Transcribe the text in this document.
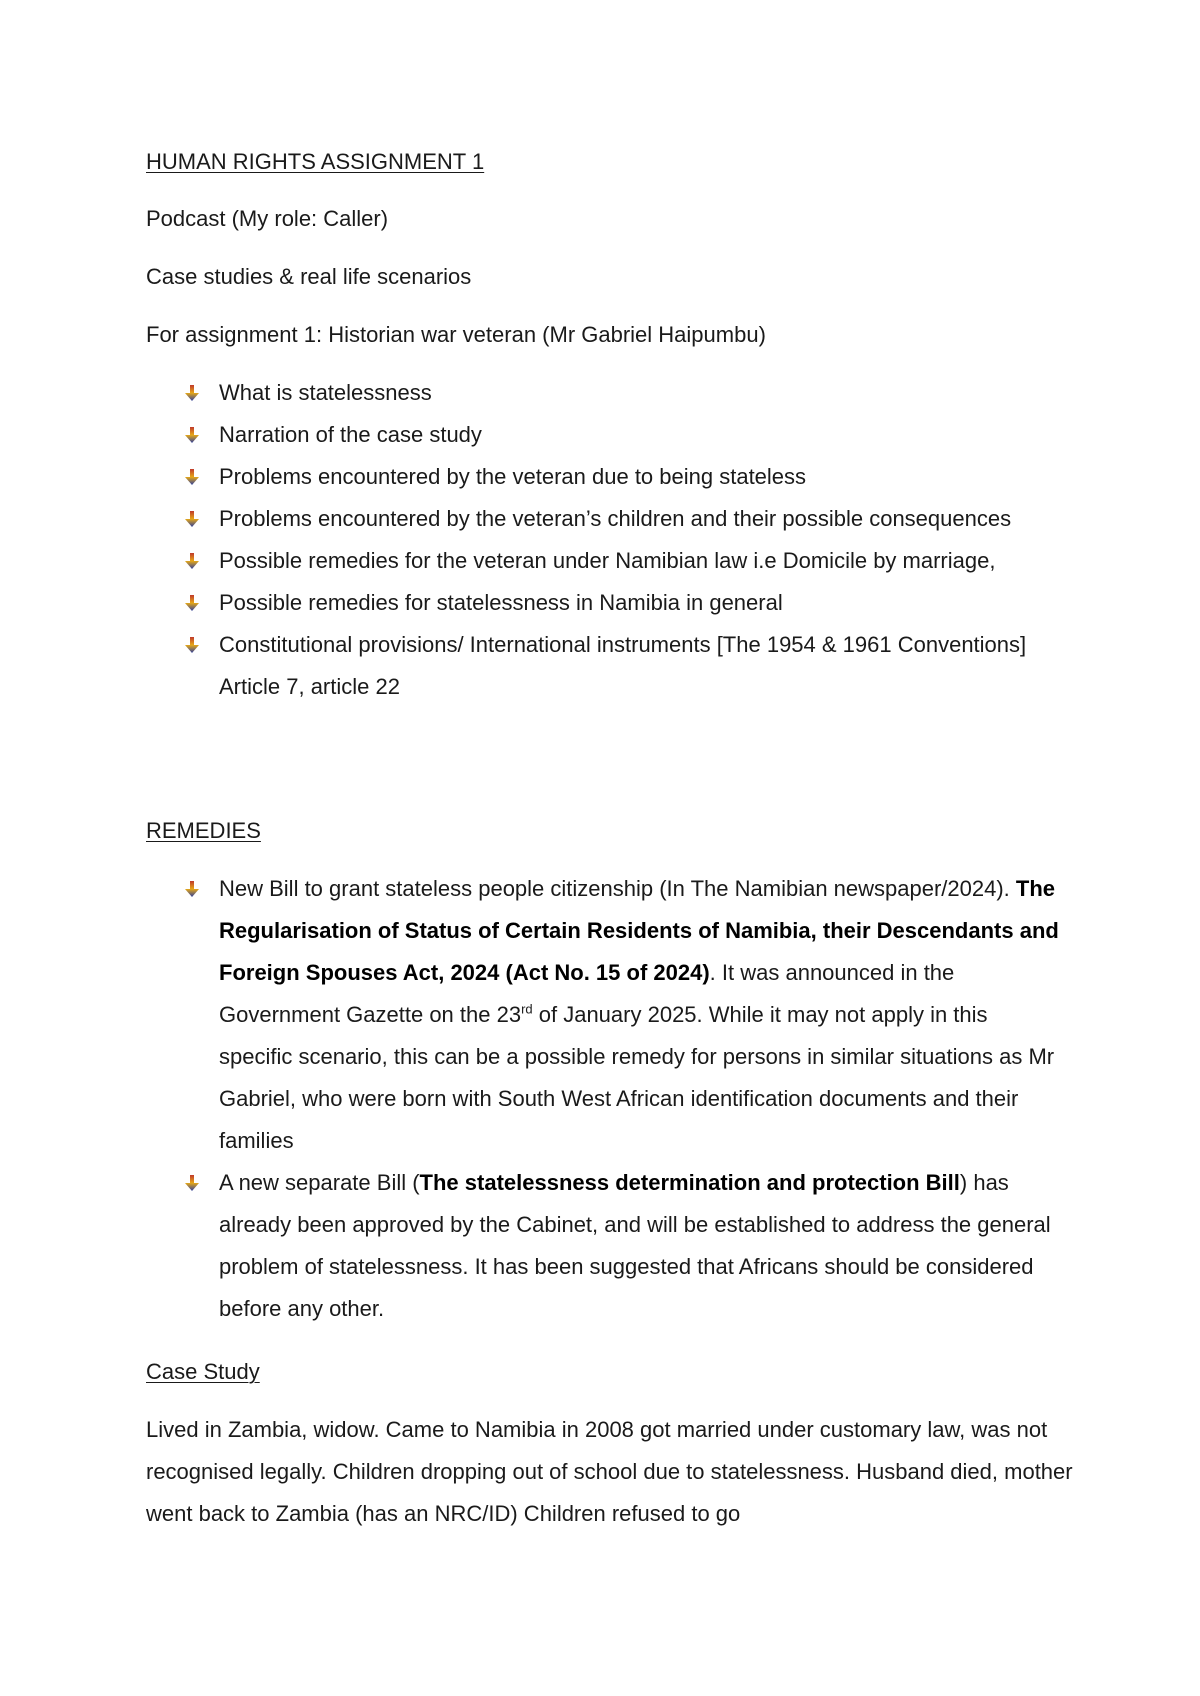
HUMAN RIGHTS ASSIGNMENT 1

Podcast (My role: Caller)

Case studies & real life scenarios

For assignment 1: Historian war veteran (Mr Gabriel Haipumbu)

What is statelessness
Narration of the case study
Problems encountered by the veteran due to being stateless
Problems encountered by the veteran’s children and their possible consequences
Possible remedies for the veteran under Namibian law i.e Domicile by marriage,
Possible remedies for statelessness in Namibia in general
Constitutional provisions/ International instruments [The 1954 & 1961 Conventions] Article 7, article 22

REMEDIES

New Bill to grant stateless people citizenship (In The Namibian newspaper/2024). The Regularisation of Status of Certain Residents of Namibia, their Descendants and Foreign Spouses Act, 2024 (Act No. 15 of 2024). It was announced in the Government Gazette on the 23rd of January 2025. While it may not apply in this specific scenario, this can be a possible remedy for persons in similar situations as Mr Gabriel, who were born with South West African identification documents and their families
A new separate Bill (The statelessness determination and protection Bill) has already been approved by the Cabinet, and will be established to address the general problem of statelessness. It has been suggested that Africans should be considered before any other.

Case Study

Lived in Zambia, widow. Came to Namibia in 2008 got married under customary law, was not recognised legally. Children dropping out of school due to statelessness. Husband died, mother went back to Zambia (has an NRC/ID) Children refused to go
